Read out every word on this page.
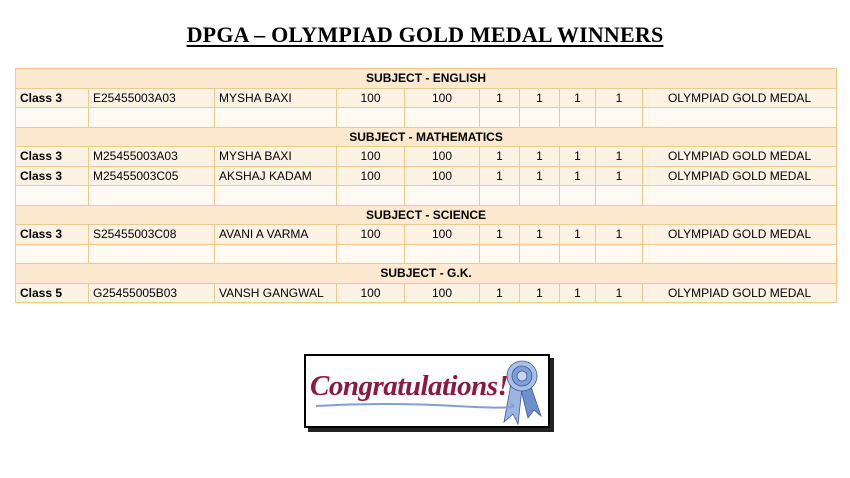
DPGA – OLYMPIAD GOLD MEDAL WINNERS
SUBJECT - ENGLISH									
Class 3	E25455003A03	MYSHA BAXI	100	100	1	1	1	1	OLYMPIAD GOLD MEDAL

SUBJECT - MATHEMATICS									
Class 3	M25455003A03	MYSHA BAXI	100	100	1	1	1	1	OLYMPIAD GOLD MEDAL
Class 3	M25455003C05	AKSHAJ KADAM	100	100	1	1	1	1	OLYMPIAD GOLD MEDAL

SUBJECT - SCIENCE									
Class 3	S25455003C08	AVANI A VARMA	100	100	1	1	1	1	OLYMPIAD GOLD MEDAL

SUBJECT - G.K.									
Class 5	G25455005B03	VANSH GANGWAL	100	100	1	1	1	1	OLYMPIAD GOLD MEDAL
Congratulations!
